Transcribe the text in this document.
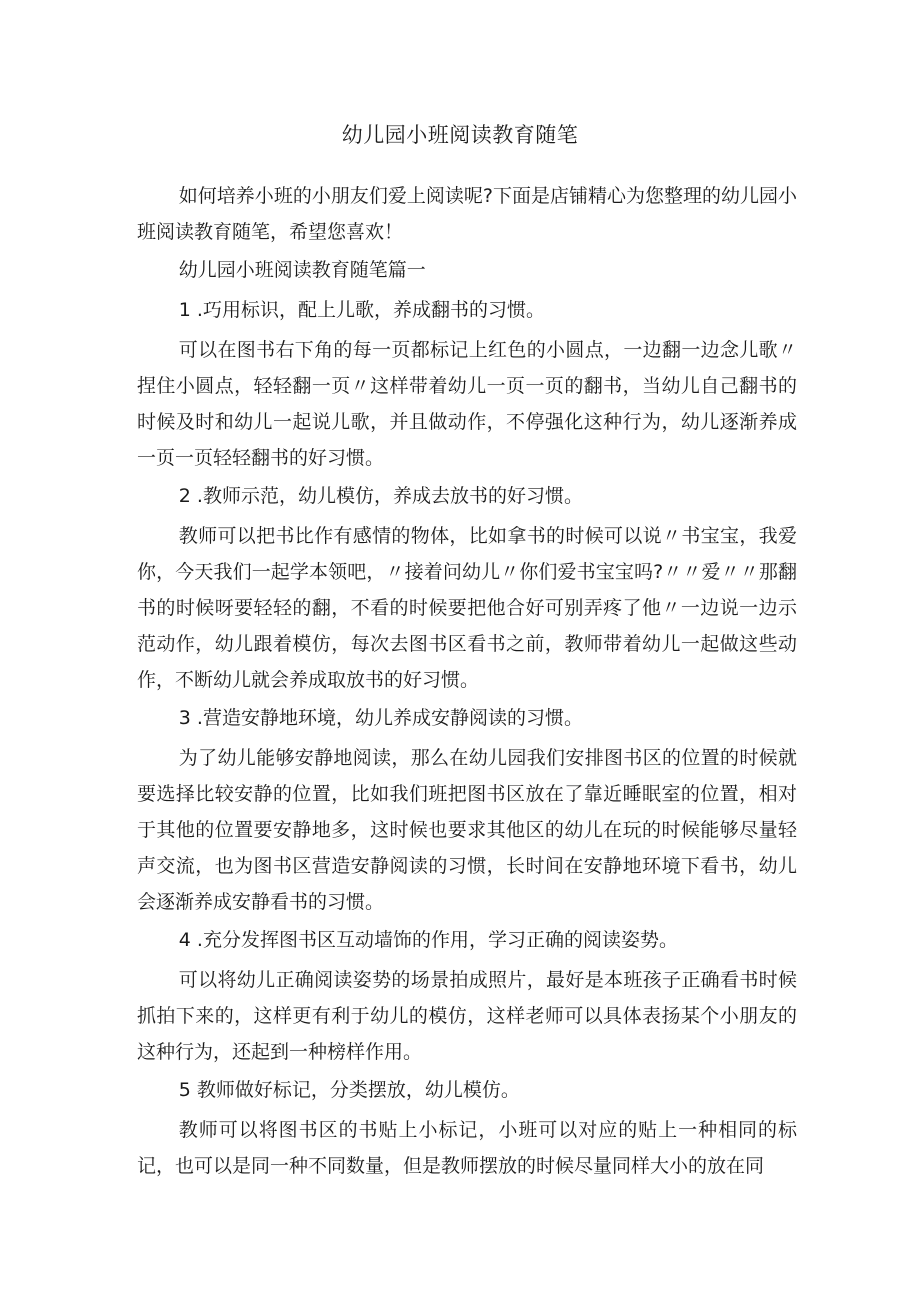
幼儿园小班阅读教育随笔

如何培养小班的小朋友们爱上阅读呢?下面是店铺精心为您整理的幼儿园小班阅读教育随笔，希望您喜欢！

幼儿园小班阅读教育随笔篇一

1 .巧用标识，配上儿歌，养成翻书的习惯。

可以在图书右下角的每一页都标记上红色的小圆点，一边翻一边念儿歌〃捏住小圆点，轻轻翻一页〃这样带着幼儿一页一页的翻书，当幼儿自己翻书的时候及时和幼儿一起说儿歌，并且做动作，不停强化这种行为，幼儿逐渐养成一页一页轻轻翻书的好习惯。

2 .教师示范，幼儿模仿，养成去放书的好习惯。

教师可以把书比作有感情的物体，比如拿书的时候可以说〃书宝宝，我爱你，今天我们一起学本领吧，〃接着问幼儿〃你们爱书宝宝吗?〃〃爱〃〃那翻书的时候呀要轻轻的翻，不看的时候要把他合好可别弄疼了他〃一边说一边示范动作，幼儿跟着模仿，每次去图书区看书之前，教师带着幼儿一起做这些动作，不断幼儿就会养成取放书的好习惯。

3 .营造安静地环境，幼儿养成安静阅读的习惯。

为了幼儿能够安静地阅读，那么在幼儿园我们安排图书区的位置的时候就要选择比较安静的位置，比如我们班把图书区放在了靠近睡眠室的位置，相对于其他的位置要安静地多，这时候也要求其他区的幼儿在玩的时候能够尽量轻声交流，也为图书区营造安静阅读的习惯，长时间在安静地环境下看书，幼儿会逐渐养成安静看书的习惯。

4 .充分发挥图书区互动墙饰的作用，学习正确的阅读姿势。

可以将幼儿正确阅读姿势的场景拍成照片，最好是本班孩子正确看书时候抓拍下来的，这样更有利于幼儿的模仿，这样老师可以具体表扬某个小朋友的这种行为，还起到一种榜样作用。

5 教师做好标记，分类摆放，幼儿模仿。

教师可以将图书区的书贴上小标记，小班可以对应的贴上一种相同的标记，也可以是同一种不同数量，但是教师摆放的时候尽量同样大小的放在同
